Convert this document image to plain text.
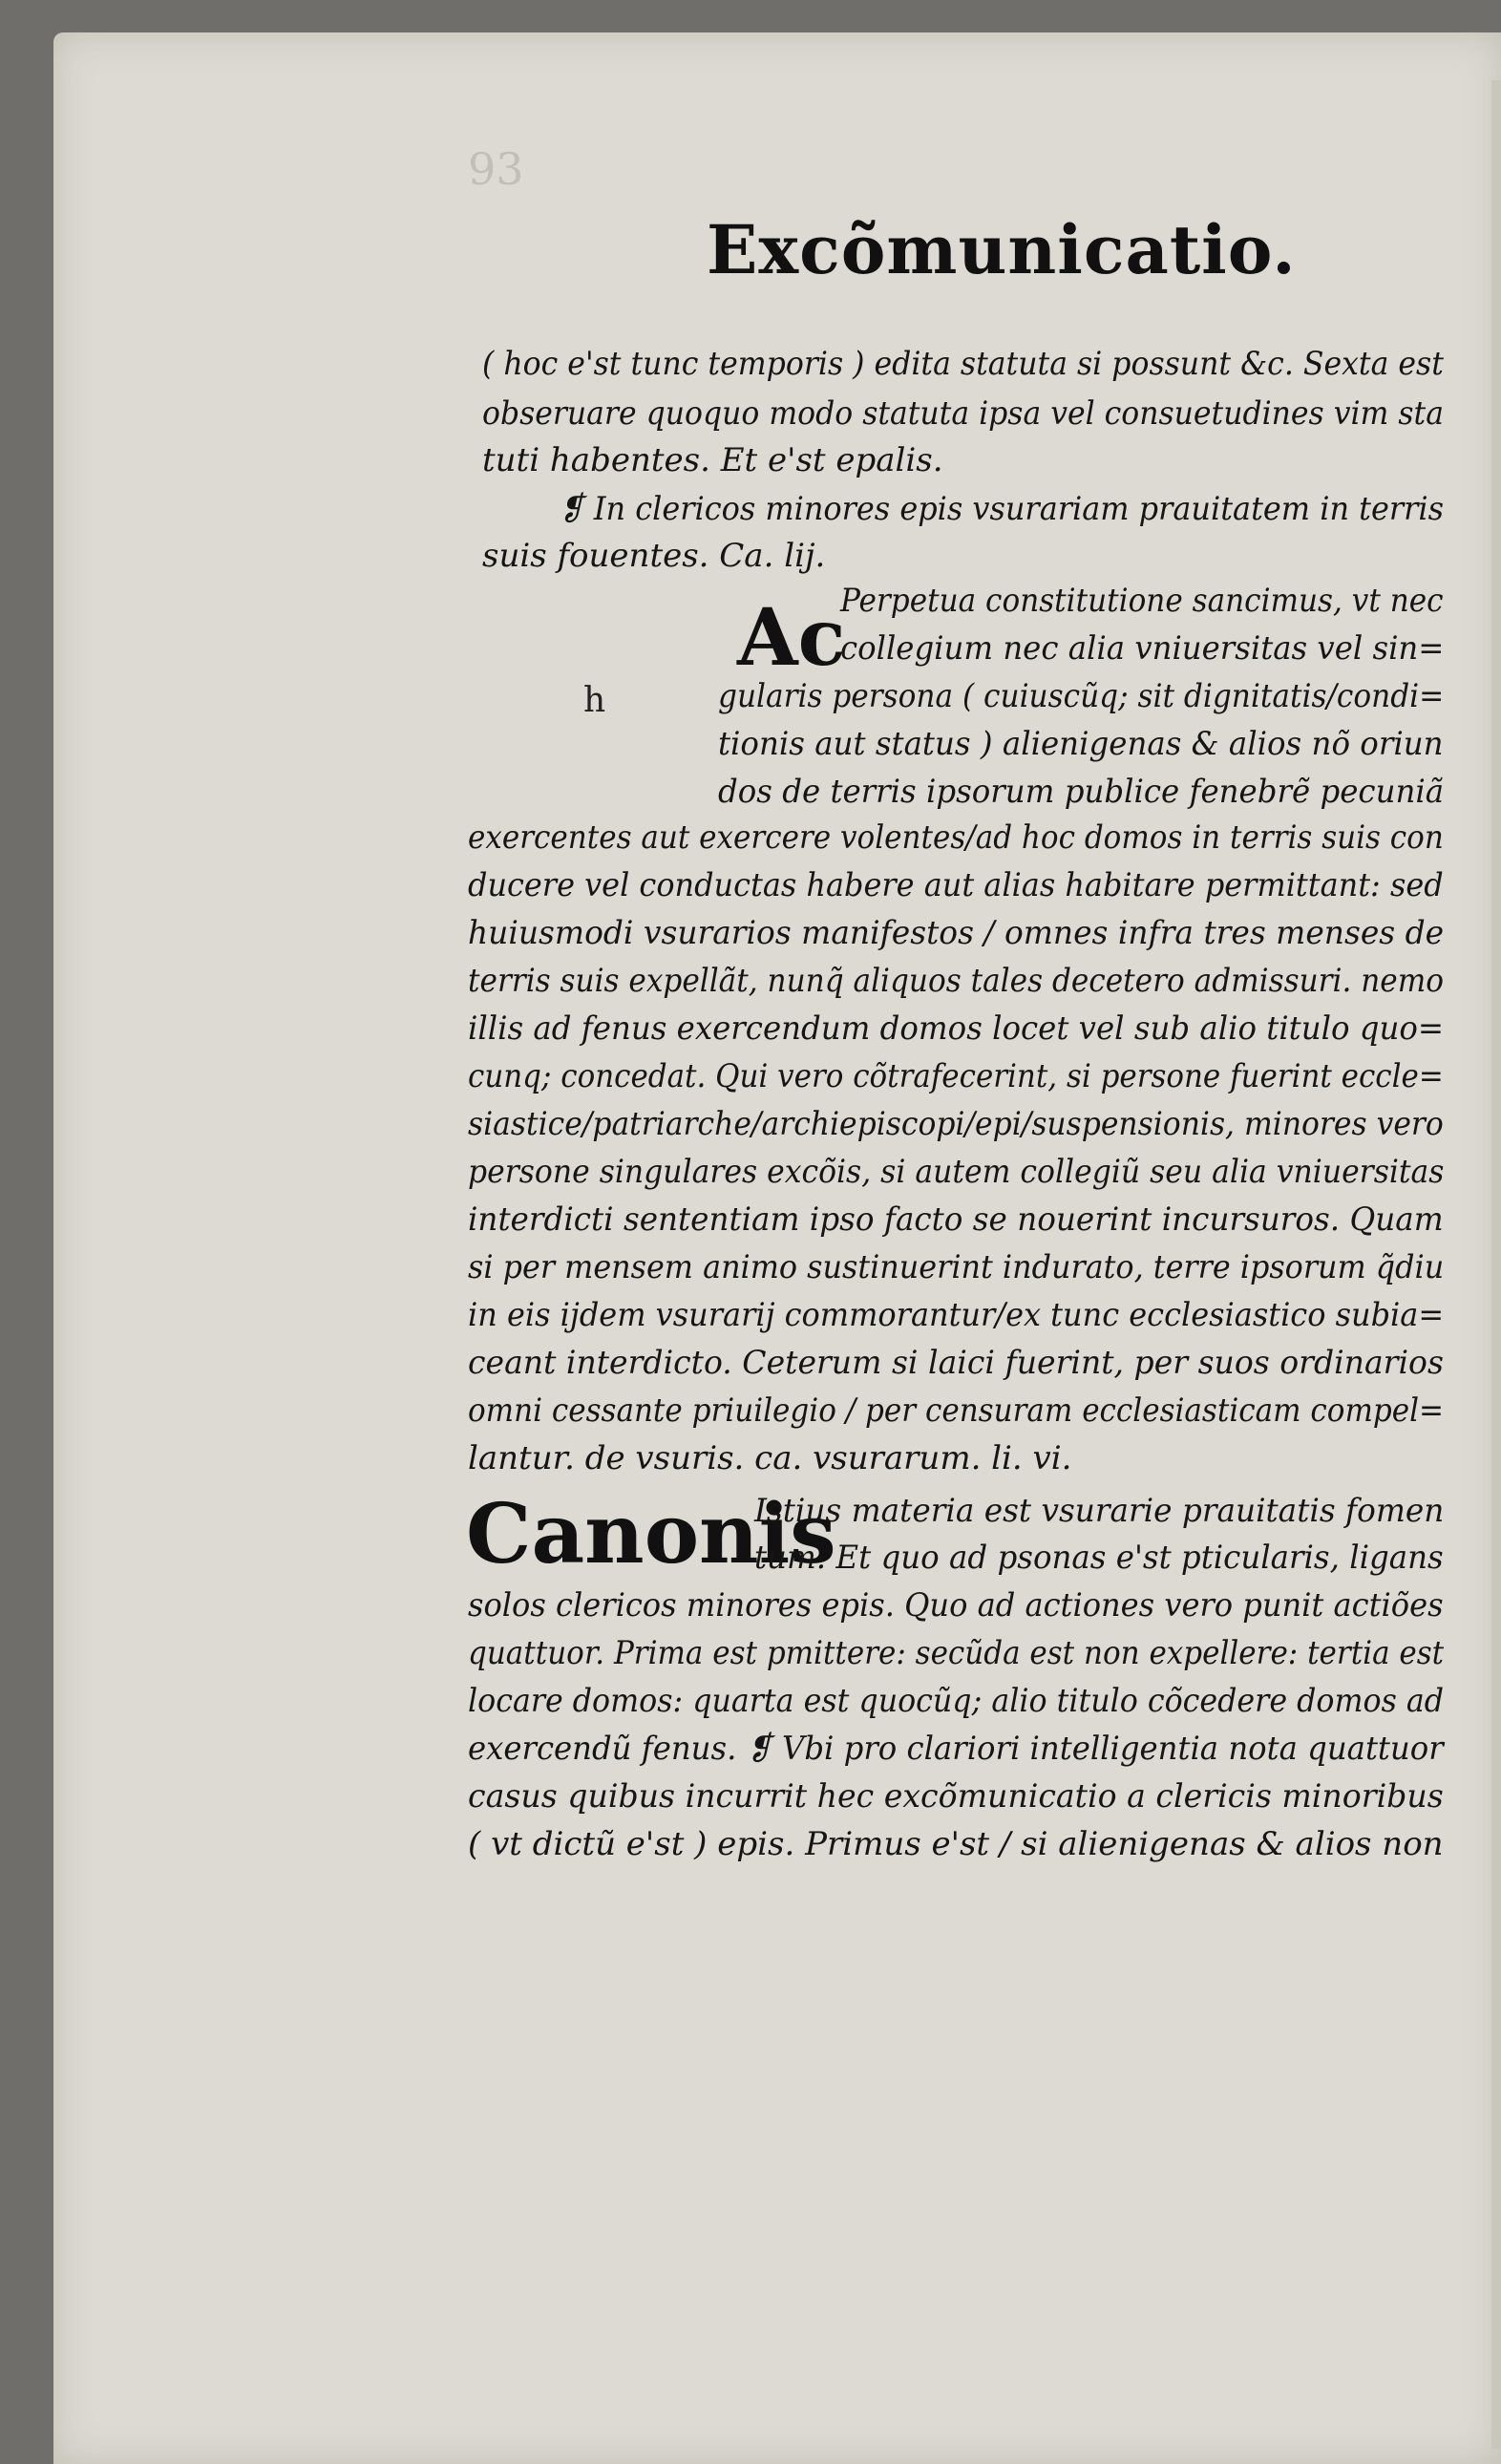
93
Excõmunicatio.
( hoc e'st tunc temporis ) edita statuta si possunt &c. Sexta est
obseruare quoquo modo statuta ipsa vel consuetudines vim sta
tuti habentes. Et e'st epalis.
❡ In clericos minores epis vsurariam prauitatem in terris
suis fouentes. Ca. lij.
Ac
h
Perpetua constitutione sancimus, vt nec
collegium nec alia vniuersitas vel sin=
gularis persona ( cuiuscũq; sit dignitatis/condi=
tionis aut status ) alienigenas & alios nõ oriun
dos de terris ipsorum publice fenebrẽ pecuniã
exercentes aut exercere volentes/ad hoc domos in terris suis con
ducere vel conductas habere aut alias habitare permittant: sed
huiusmodi vsurarios manifestos / omnes infra tres menses de
terris suis expellãt, nunq̃ aliquos tales decetero admissuri. nemo
illis ad fenus exercendum domos locet vel sub alio titulo quo=
cunq; concedat. Qui vero cõtrafecerint, si persone fuerint eccle=
siastice/patriarche/archiepiscopi/epi/suspensionis, minores vero
persone singulares excõis, si autem collegiũ seu alia vniuersitas
interdicti sententiam ipso facto se nouerint incursuros. Quam
si per mensem animo sustinuerint indurato, terre ipsorum q̃diu
in eis ijdem vsurarij commorantur/ex tunc ecclesiastico subia=
ceant interdicto. Ceterum si laici fuerint, per suos ordinarios
omni cessante priuilegio / per censuram ecclesiasticam compel=
lantur. de vsuris. ca. vsurarum. li. vi.
Canonis
Istius materia est vsurarie prauitatis fomen
tum. Et quo ad psonas e'st pticularis, ligans
solos clericos minores epis. Quo ad actiones vero punit actiões
quattuor. Prima est pmittere: secũda est non expellere: tertia est
locare domos: quarta est quocũq; alio titulo cõcedere domos ad
exercendũ fenus. ❡ Vbi pro clariori intelligentia nota quattuor
casus quibus incurrit hec excõmunicatio a clericis minoribus
( vt dictũ e'st ) epis. Primus e'st / si alienigenas & alios non
